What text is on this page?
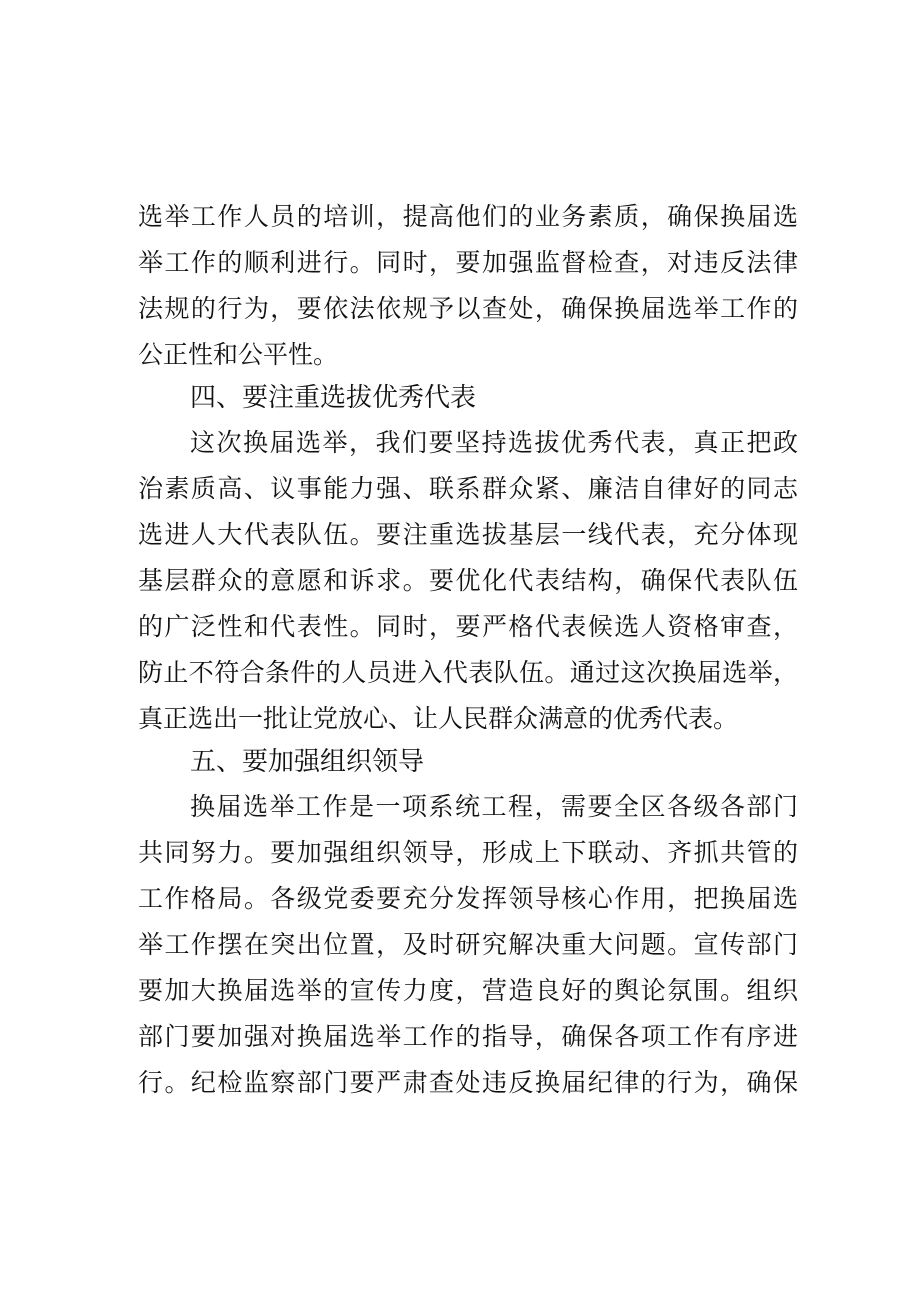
选举工作人员的培训，提高他们的业务素质，确保换届选
举工作的顺利进行。同时，要加强监督检查，对违反法律
法规的行为，要依法依规予以查处，确保换届选举工作的
公正性和公平性。
四、要注重选拔优秀代表
这次换届选举，我们要坚持选拔优秀代表，真正把政
治素质高、议事能力强、联系群众紧、廉洁自律好的同志
选进人大代表队伍。要注重选拔基层一线代表，充分体现
基层群众的意愿和诉求。要优化代表结构，确保代表队伍
的广泛性和代表性。同时，要严格代表候选人资格审查，
防止不符合条件的人员进入代表队伍。通过这次换届选举，
真正选出一批让党放心、让人民群众满意的优秀代表。
五、要加强组织领导
换届选举工作是一项系统工程，需要全区各级各部门
共同努力。要加强组织领导，形成上下联动、齐抓共管的
工作格局。各级党委要充分发挥领导核心作用，把换届选
举工作摆在突出位置，及时研究解决重大问题。宣传部门
要加大换届选举的宣传力度，营造良好的舆论氛围。组织
部门要加强对换届选举工作的指导，确保各项工作有序进
行。纪检监察部门要严肃查处违反换届纪律的行为，确保
